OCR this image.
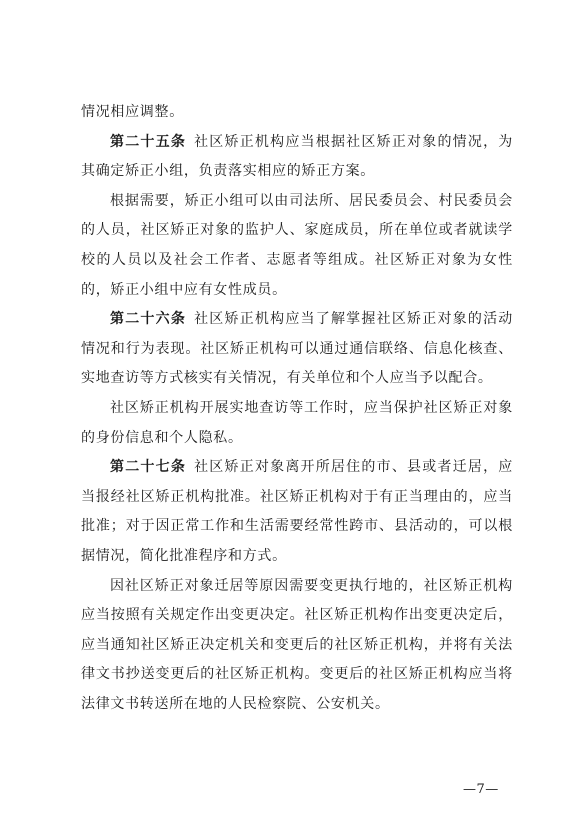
情况相应调整。

第二十五条 社区矫正机构应当根据社区矫正对象的情况，为其确定矫正小组，负责落实相应的矫正方案。

根据需要，矫正小组可以由司法所、居民委员会、村民委员会的人员，社区矫正对象的监护人、家庭成员，所在单位或者就读学校的人员以及社会工作者、志愿者等组成。社区矫正对象为女性的，矫正小组中应有女性成员。

第二十六条 社区矫正机构应当了解掌握社区矫正对象的活动情况和行为表现。社区矫正机构可以通过通信联络、信息化核查、实地查访等方式核实有关情况，有关单位和个人应当予以配合。

社区矫正机构开展实地查访等工作时，应当保护社区矫正对象的身份信息和个人隐私。

第二十七条 社区矫正对象离开所居住的市、县或者迁居，应当报经社区矫正机构批准。社区矫正机构对于有正当理由的，应当批准；对于因正常工作和生活需要经常性跨市、县活动的，可以根据情况，简化批准程序和方式。

因社区矫正对象迁居等原因需要变更执行地的，社区矫正机构应当按照有关规定作出变更决定。社区矫正机构作出变更决定后，应当通知社区矫正决定机关和变更后的社区矫正机构，并将有关法律文书抄送变更后的社区矫正机构。变更后的社区矫正机构应当将法律文书转送所在地的人民检察院、公安机关。

—7—
